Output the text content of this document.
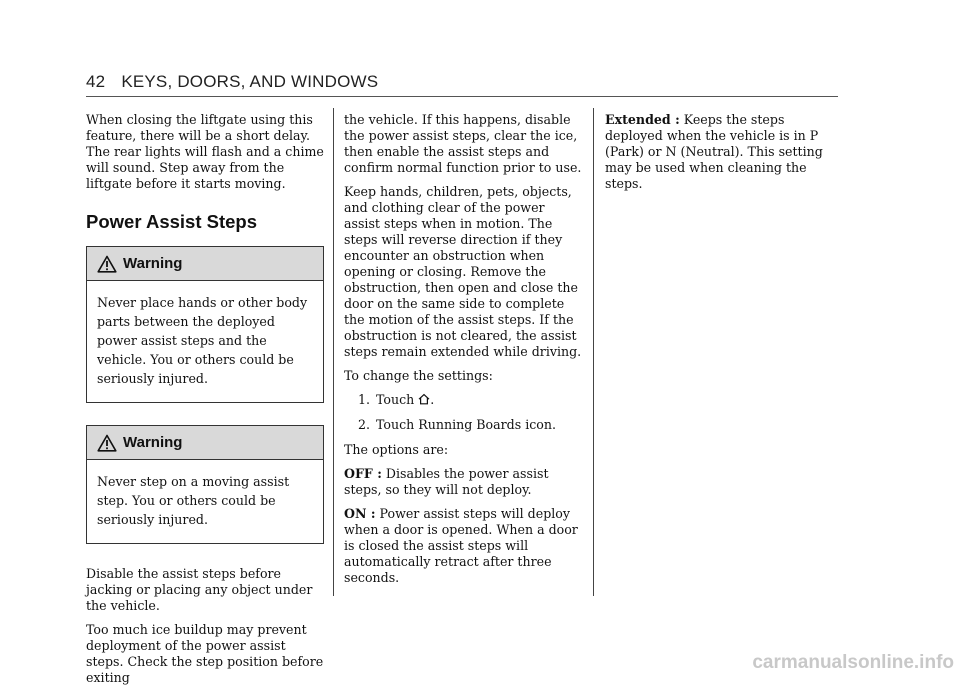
42 KEYS, DOORS, AND WINDOWS

When closing the liftgate using this feature, there will be a short delay. The rear lights will flash and a chime will sound. Step away from the liftgate before it starts moving.

Power Assist Steps
Warning

Never place hands or other body parts between the deployed power assist steps and the vehicle. You or others could be seriously injured.

Warning

Never step on a moving assist step. You or others could be seriously injured.

Disable the assist steps before jacking or placing any object under the vehicle.

Too much ice buildup may prevent deployment of the power assist steps. Check the step position before exiting

the vehicle. If this happens, disable the power assist steps, clear the ice, then enable the assist steps and confirm normal function prior to use.

Keep hands, children, pets, objects, and clothing clear of the power assist steps when in motion. The steps will reverse direction if they encounter an obstruction when opening or closing. Remove the obstruction, then open and close the door on the same side to complete the motion of the assist steps. If the obstruction is not cleared, the assist steps remain extended while driving.

To change the settings:

1. Touch .
2. Touch Running Boards icon.

The options are:

OFF : Disables the power assist steps, so they will not deploy.

ON : Power assist steps will deploy when a door is opened. When a door is closed the assist steps will automatically retract after three seconds.

Extended : Keeps the steps deployed when the vehicle is in P (Park) or N (Neutral). This setting may be used when cleaning the steps.

carmanualsonline.info
